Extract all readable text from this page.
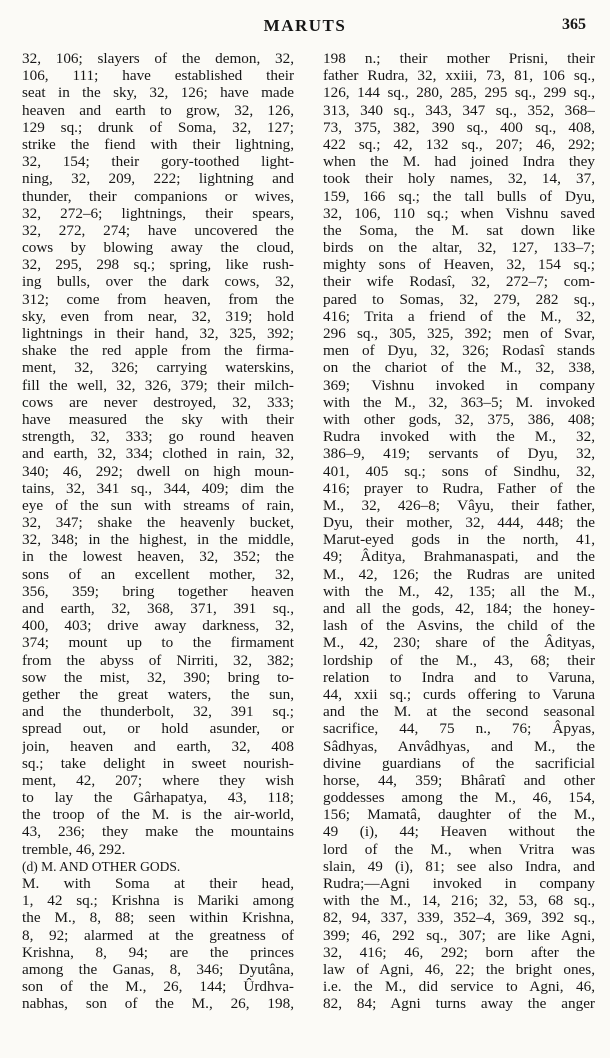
MARUTS	365
32, 106; slayers of the demon, 32,
106, 111; have established their
seat in the sky, 32, 126; have made
heaven and earth to grow, 32, 126,
129 sq.; drunk of Soma, 32, 127;
strike the fiend with their lightning,
32, 154; their gory-toothed light-
ning, 32, 209, 222; lightning and
thunder, their companions or wives,
32, 272–6; lightnings, their spears,
32, 272, 274; have uncovered the
cows by blowing away the cloud,
32, 295, 298 sq.; spring, like rush-
ing bulls, over the dark cows, 32,
312; come from heaven, from the
sky, even from near, 32, 319; hold
lightnings in their hand, 32, 325, 392;
shake the red apple from the firma-
ment, 32, 326; carrying waterskins,
fill the well, 32, 326, 379; their milch-
cows are never destroyed, 32, 333;
have measured the sky with their
strength, 32, 333; go round heaven
and earth, 32, 334; clothed in rain, 32,
340; 46, 292; dwell on high moun-
tains, 32, 341 sq., 344, 409; dim the
eye of the sun with streams of rain,
32, 347; shake the heavenly bucket,
32, 348; in the highest, in the middle,
in the lowest heaven, 32, 352; the
sons of an excellent mother, 32,
356, 359; bring together heaven
and earth, 32, 368, 371, 391 sq.,
400, 403; drive away darkness, 32,
374; mount up to the firmament
from the abyss of Nirriti, 32, 382;
sow the mist, 32, 390; bring to-
gether the great waters, the sun,
and the thunderbolt, 32, 391 sq.;
spread out, or hold asunder, or
join, heaven and earth, 32, 408
sq.; take delight in sweet nourish-
ment, 42, 207; where they wish
to lay the Gârhapatya, 43, 118;
the troop of the M. is the air-world,
43, 236; they make the mountains
tremble, 46, 292.
(d) M. AND OTHER GODS.
M. with Soma at their head,
1, 42 sq.; Krishna is Mariki among
the M., 8, 88; seen within Krishna,
8, 92; alarmed at the greatness of
Krishna, 8, 94; are the princes
among the Ganas, 8, 346; Dyutâna,
son of the M., 26, 144; Ûrdhva-
nabhas, son of the M., 26, 198,
198 n.; their mother Prisni, their
father Rudra, 32, xxiii, 73, 81, 106 sq.,
126, 144 sq., 280, 285, 295 sq., 299 sq.,
313, 340 sq., 343, 347 sq., 352, 368–
73, 375, 382, 390 sq., 400 sq., 408,
422 sq.; 42, 132 sq., 207; 46, 292;
when the M. had joined Indra they
took their holy names, 32, 14, 37,
159, 166 sq.; the tall bulls of Dyu,
32, 106, 110 sq.; when Vishnu saved
the Soma, the M. sat down like
birds on the altar, 32, 127, 133–7;
mighty sons of Heaven, 32, 154 sq.;
their wife Rodasî, 32, 272–7; com-
pared to Somas, 32, 279, 282 sq.,
416; Trita a friend of the M., 32,
296 sq., 305, 325, 392; men of Svar,
men of Dyu, 32, 326; Rodasî stands
on the chariot of the M., 32, 338,
369; Vishnu invoked in company
with the M., 32, 363–5; M. invoked
with other gods, 32, 375, 386, 408;
Rudra invoked with the M., 32,
386–9, 419; servants of Dyu, 32,
401, 405 sq.; sons of Sindhu, 32,
416; prayer to Rudra, Father of the
M., 32, 426–8; Vâyu, their father,
Dyu, their mother, 32, 444, 448; the
Marut-eyed gods in the north, 41,
49; Âditya, Brahmanaspati, and the
M., 42, 126; the Rudras are united
with the M., 42, 135; all the M.,
and all the gods, 42, 184; the honey-
lash of the Asvins, the child of the
M., 42, 230; share of the Âdityas,
lordship of the M., 43, 68; their
relation to Indra and to Varuna,
44, xxii sq.; curds offering to Varuna
and the M. at the second seasonal
sacrifice, 44, 75 n., 76; Âpyas,
Sâdhyas, Anvâdhyas, and M., the
divine guardians of the sacrificial
horse, 44, 359; Bhâratî and other
goddesses among the M., 46, 154,
156; Mamatâ, daughter of the M.,
49 (i), 44; Heaven without the
lord of the M., when Vritra was
slain, 49 (i), 81; see also Indra, and
Rudra;—Agni invoked in company
with the M., 14, 216; 32, 53, 68 sq.,
82, 94, 337, 339, 352–4, 369, 392 sq.,
399; 46, 292 sq., 307; are like Agni,
32, 416; 46, 292; born after the
law of Agni, 46, 22; the bright ones,
i.e. the M., did service to Agni, 46,
82, 84; Agni turns away the anger
